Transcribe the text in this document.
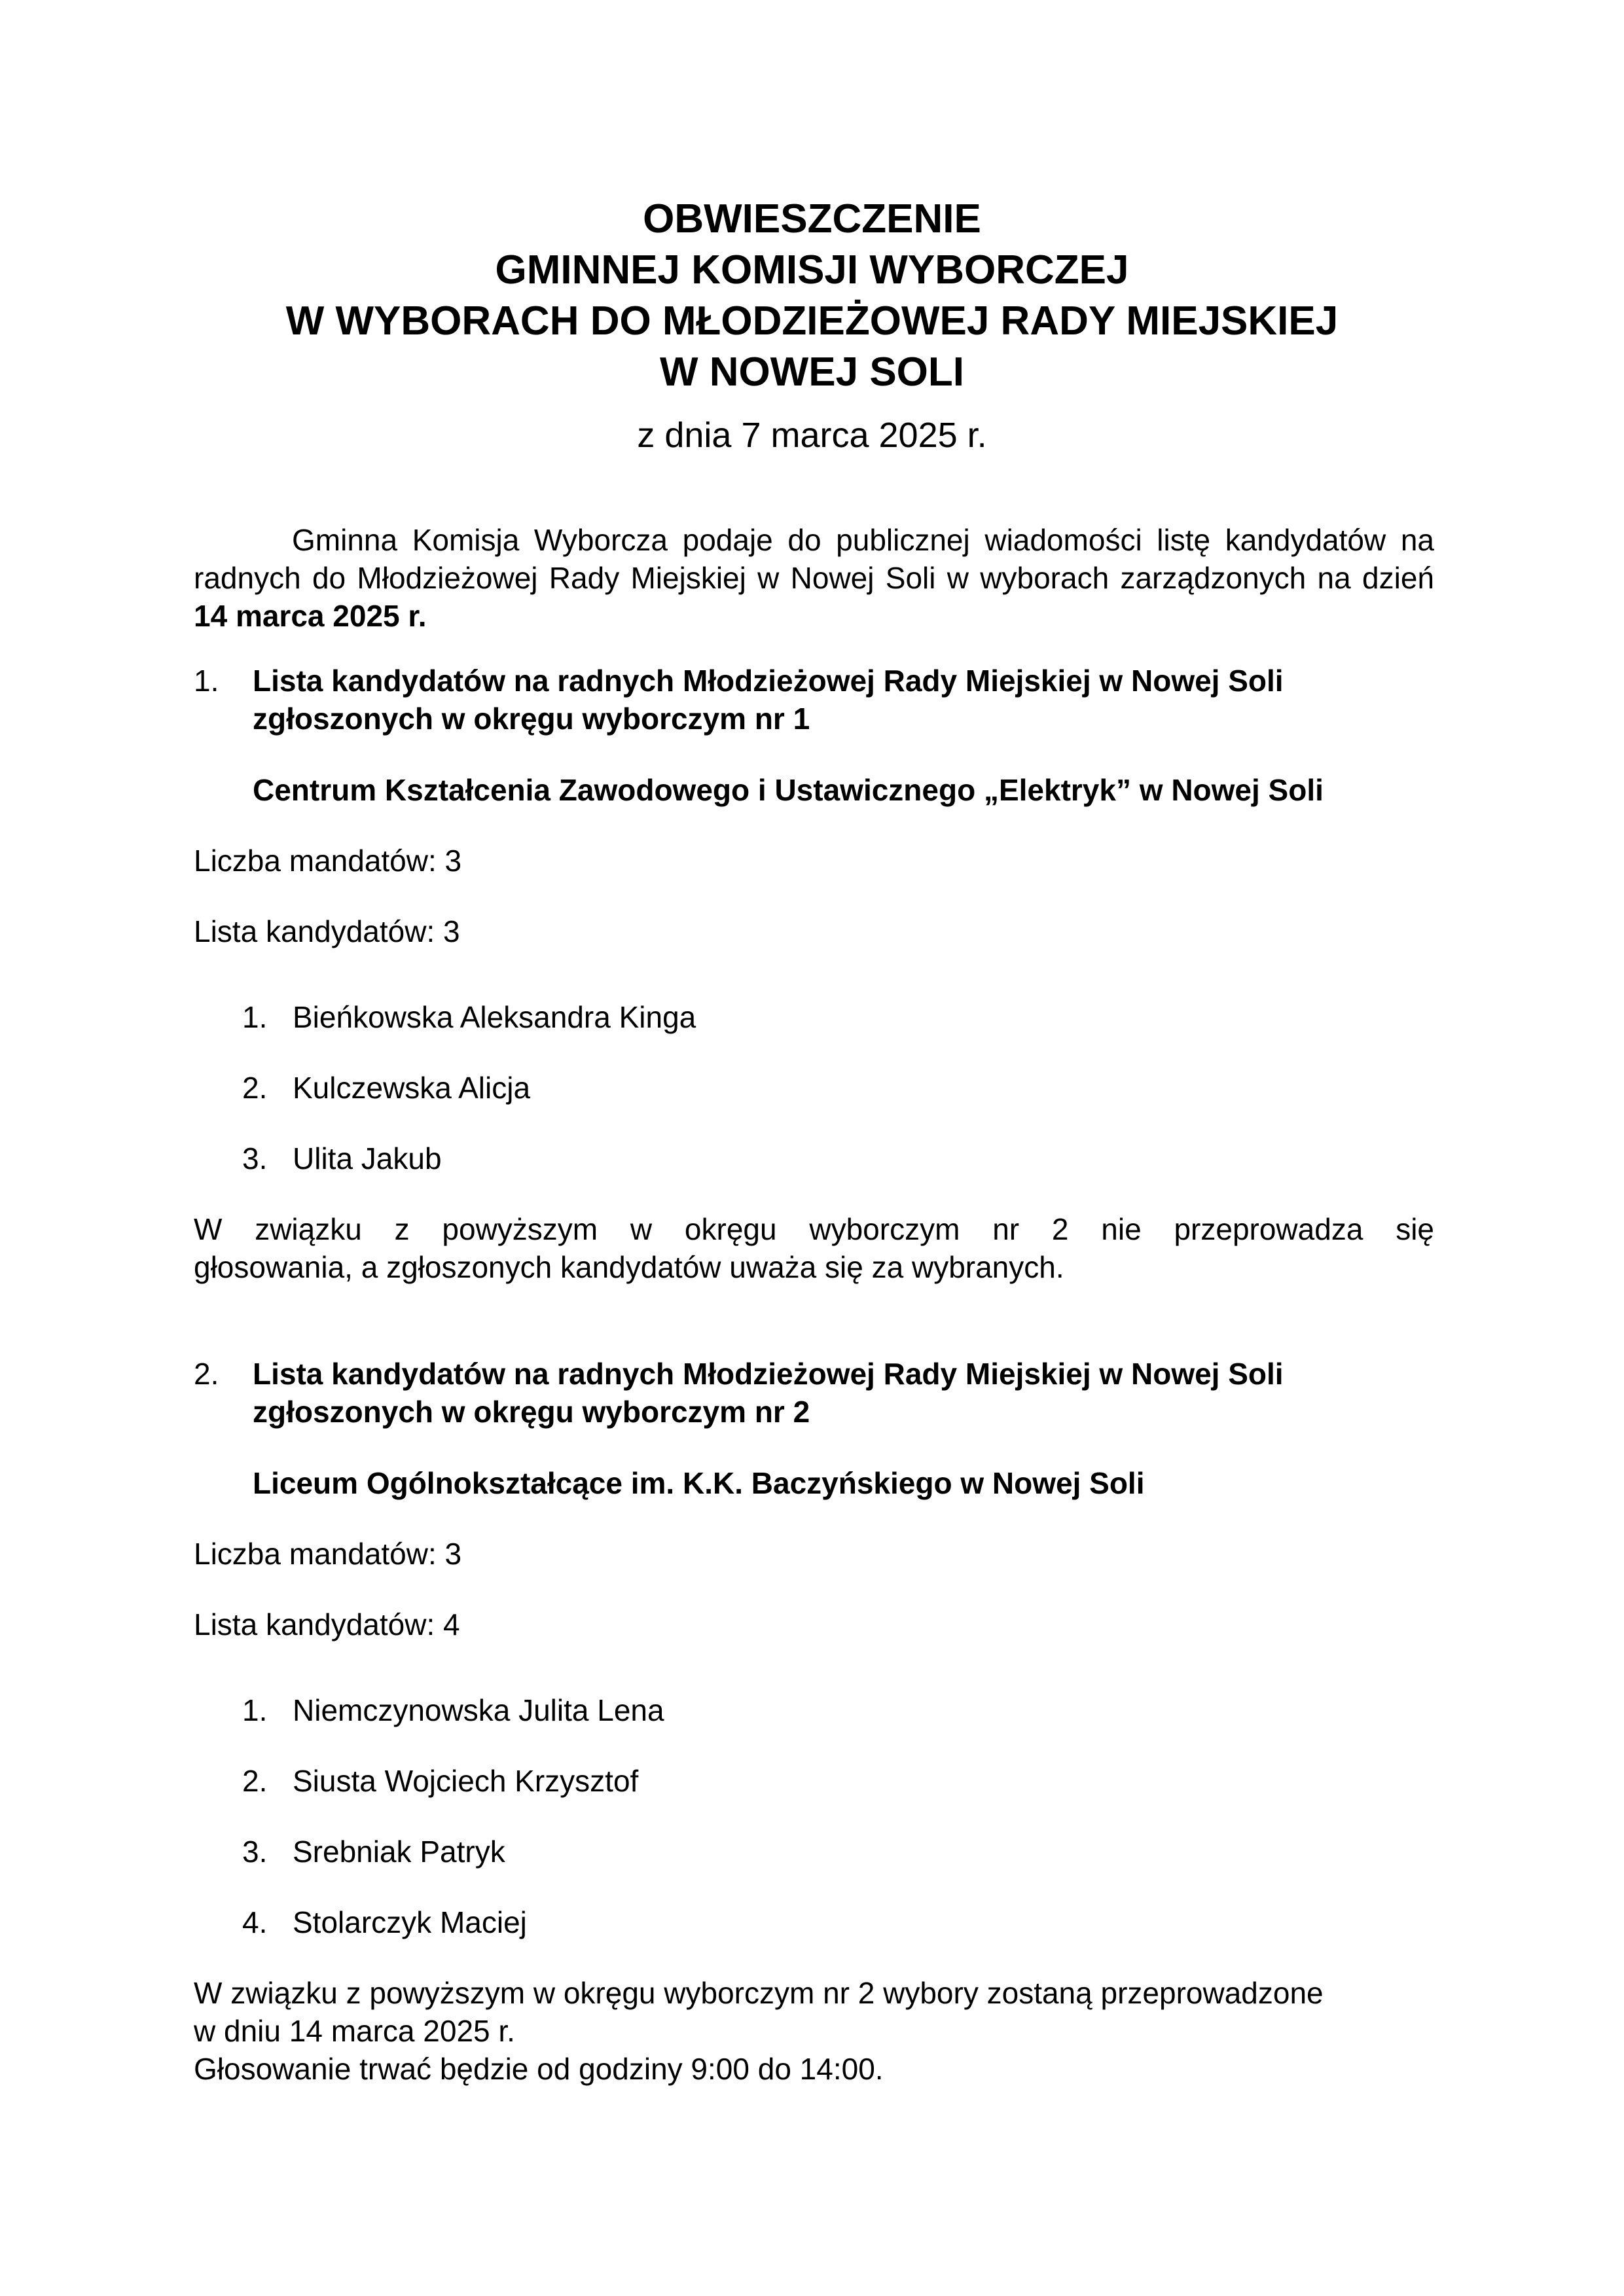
OBWIESZCZENIE
GMINNEJ KOMISJI WYBORCZEJ
W WYBORACH DO MŁODZIEŻOWEJ RADY MIEJSKIEJ
W NOWEJ SOLI
z dnia 7 marca 2025 r.

Gminna Komisja Wyborcza podaje do publicznej wiadomości listę kandydatów na radnych do Młodzieżowej Rady Miejskiej w Nowej Soli w wyborach zarządzonych na dzień 14 marca 2025 r.

1. Lista kandydatów na radnych Młodzieżowej Rady Miejskiej w Nowej Soli zgłoszonych w okręgu wyborczym nr 1

Centrum Kształcenia Zawodowego i Ustawicznego „Elektryk” w Nowej Soli
Liczba mandatów: 3
Lista kandydatów: 3
1. Bieńkowska Aleksandra Kinga
2. Kulczewska Alicja
3. Ulita Jakub
W związku z powyższym w okręgu wyborczym nr 2 nie przeprowadza się
głosowania, a zgłoszonych kandydatów uważa się za wybranych.
2. Lista kandydatów na radnych Młodzieżowej Rady Miejskiej w Nowej Soli zgłoszonych w okręgu wyborczym nr 2

Liceum Ogólnokształcące im. K.K. Baczyńskiego w Nowej Soli
Liczba mandatów: 3
Lista kandydatów: 4
1. Niemczynowska Julita Lena
2. Siusta Wojciech Krzysztof
3. Srebniak Patryk
4. Stolarczyk Maciej
W związku z powyższym w okręgu wyborczym nr 2 wybory zostaną przeprowadzone
w dniu 14 marca 2025 r.
Głosowanie trwać będzie od godziny 9:00 do 14:00.
